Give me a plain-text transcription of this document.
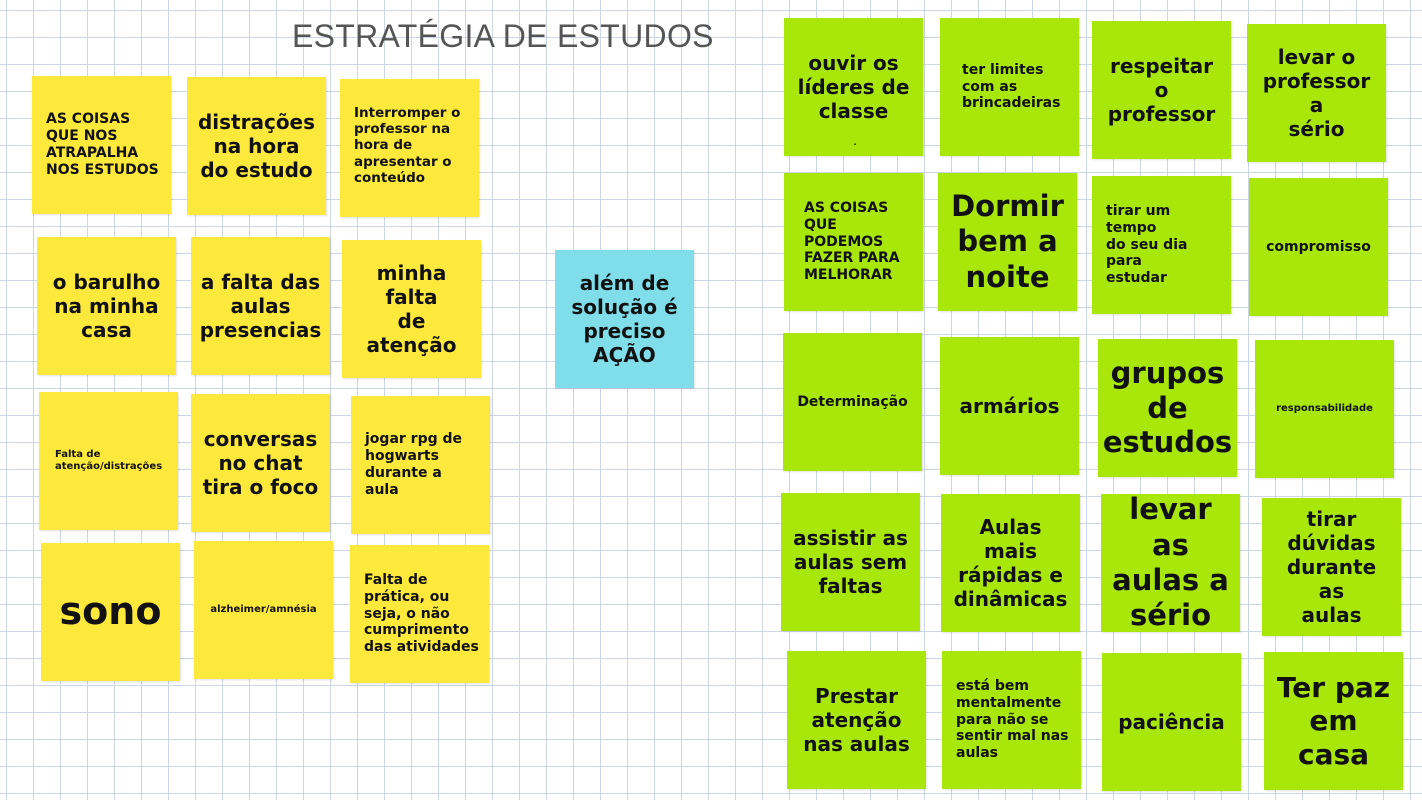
ESTRATÉGIA DE ESTUDOS
AS COISAS
QUE NOS
ATRAPALHA
NOS ESTUDOS
distrações
na hora
do estudo
Interromper o
professor na
hora de
apresentar o
conteúdo
o barulho
na minha
casa
a falta das
aulas
presencias
minha falta
de
atenção
Falta de
atenção/distrações
conversas
no chat
tira o foco
jogar rpg de
hogwarts
durante a aula
sono	alzheimer/amnésia
Falta de
prática, ou
seja, o não
cumprimento
das atividades
além de
solução é
preciso
AÇÃO
ouvir os
líderes de
classe
.
ter limites
com as
brincadeiras
respeitar
o
professor
levar o
professor a
sério
AS COISAS
QUE
PODEMOS
FAZER PARA
MELHORAR
Dormir
bem a
noite
tirar um tempo
do seu dia para
estudar
compromisso
Determinação	armários
grupos
de
estudos
responsabilidade
assistir as
aulas sem
faltas
Aulas mais
rápidas e
dinâmicas
levar as
aulas a
sério
tirar
dúvidas
durante as
aulas
Prestar
atenção
nas aulas
está bem
mentalmente
para não se
sentir mal nas
aulas
paciência
Ter paz
em casa
